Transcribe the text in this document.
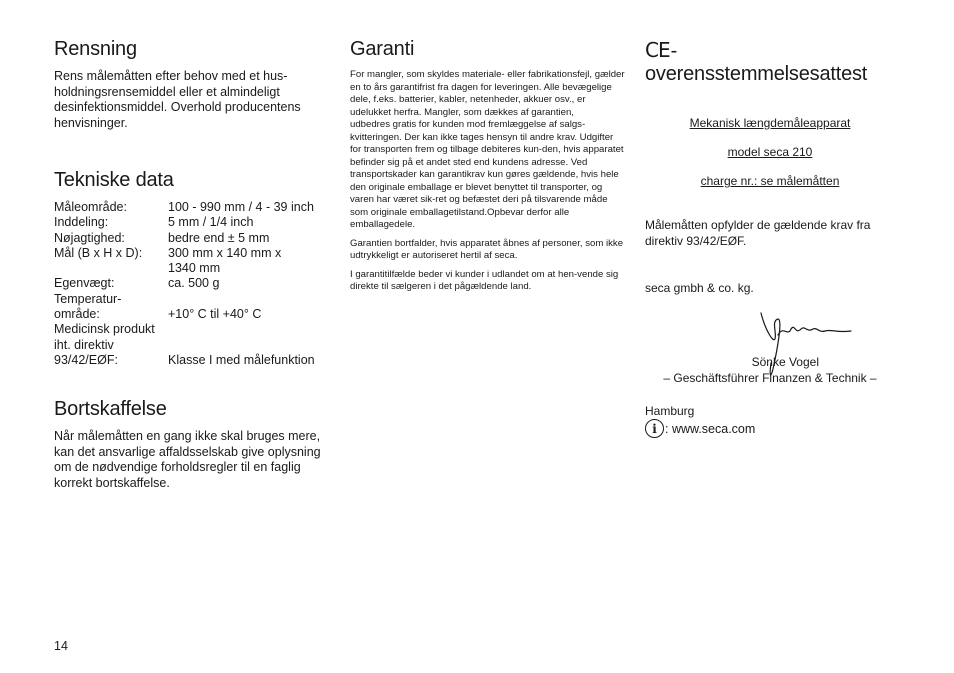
Rensning

Rens målemåtten efter behov med et hus-holdningsrensemiddel eller et almindeligt desinfektionsmiddel. Overhold producentens henvisninger.

Tekniske data
Måleområde:	100 - 990 mm / 4 - 39 inch
Inddeling:	5 mm / 1/4 inch
Nøjagtighed:	bedre end ± 5 mm
Mål (B x H x D):	300 mm x 140 mm x
1340 mm
Egenvægt:	ca. 500 g
Temperatur-
område:	+10° C til +40° C
Medicinsk produkt
iht. direktiv
93/42/EØF:	Klasse I med målefunktion
Bortskaffelse

Når målemåtten en gang ikke skal bruges mere, kan det ansvarlige affaldsselskab give oplysning om de nødvendige forholdsregler til en faglig korrekt bortskaffelse.

Garanti

For mangler, som skyldes materiale- eller fabrikationsfejl, gælder en to års garantifrist fra dagen for leveringen. Alle bevægelige dele, f.eks. batterier, kabler, netenheder, akkuer osv., er udelukket herfra. Mangler, som dækkes af garantien,

udbedres gratis for kunden mod fremlæggelse af salgs-kvitteringen. Der kan ikke tages hensyn til andre krav. Udgifter for transporten frem og tilbage debiteres kun-den, hvis apparatet befinder sig på et andet sted end kundens adresse. Ved transportskader kan garantikrav kun gøres gældende, hvis hele den originale emballage er blevet benyttet til transporter, og varen har været sik-ret og befæstet deri på tilsvarende måde som originale emballagetilstand.Opbevar derfor alle emballagedele.

Garantien bortfalder, hvis apparatet åbnes af personer, som ikke udtrykkeligt er autoriseret hertil af seca.

I garantitilfælde beder vi kunder i udlandet om at hen-vende sig direkte til sælgeren i det pågældende land.

CE-overensstemmelsesattest

Mekanisk længdemåleapparat

model seca 210

charge nr.: se målemåtten

Målemåtten opfylder de gældende krav fra direktiv 93/42/EØF.

seca gmbh & co. kg.

Sönke Vogel
– Geschäftsführer Finanzen & Technik –

Hamburg

i : www.seca.com
14
